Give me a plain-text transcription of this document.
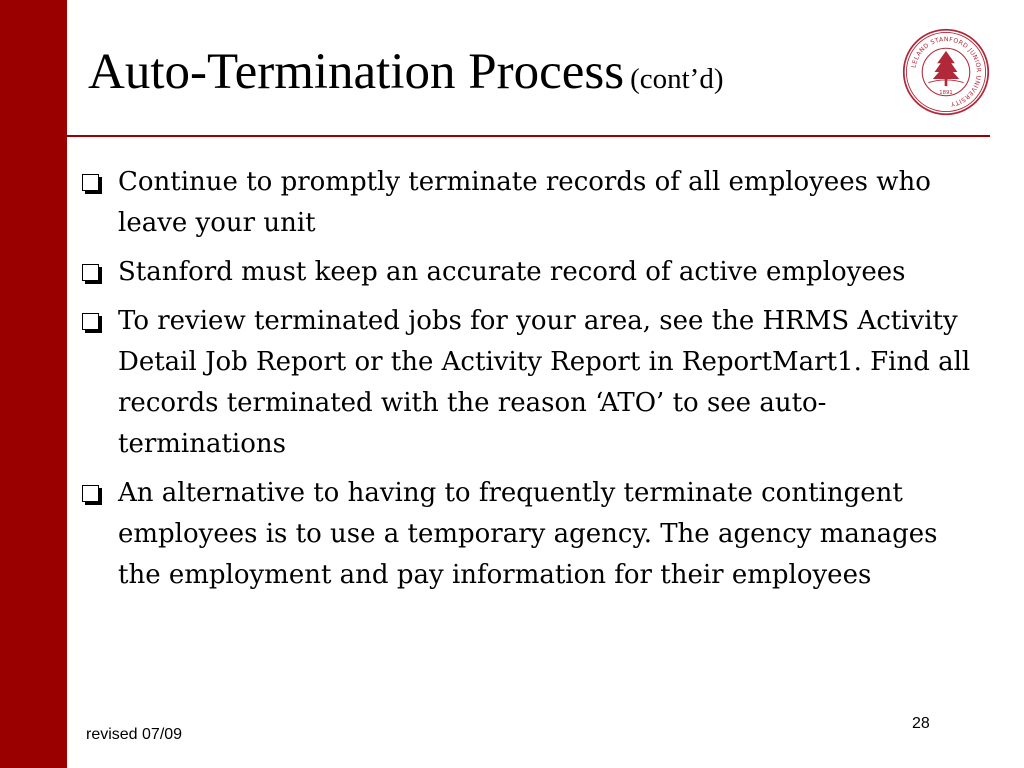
Auto-Termination Process (cont’d)	LELAND STANFORD JUNIOR UNIVERSITY
1891
Continue to promptly terminate records of all employees who leave your unit
Stanford must keep an accurate record of active employees
To review terminated jobs for your area, see the HRMS Activity Detail Job Report or the Activity Report in ReportMart1. Find all records terminated with the reason ‘ATO’ to see auto-terminations
An alternative to having to frequently terminate contingent employees is to use a temporary agency. The agency manages the employment and pay information for their employees
revised 07/09
28
